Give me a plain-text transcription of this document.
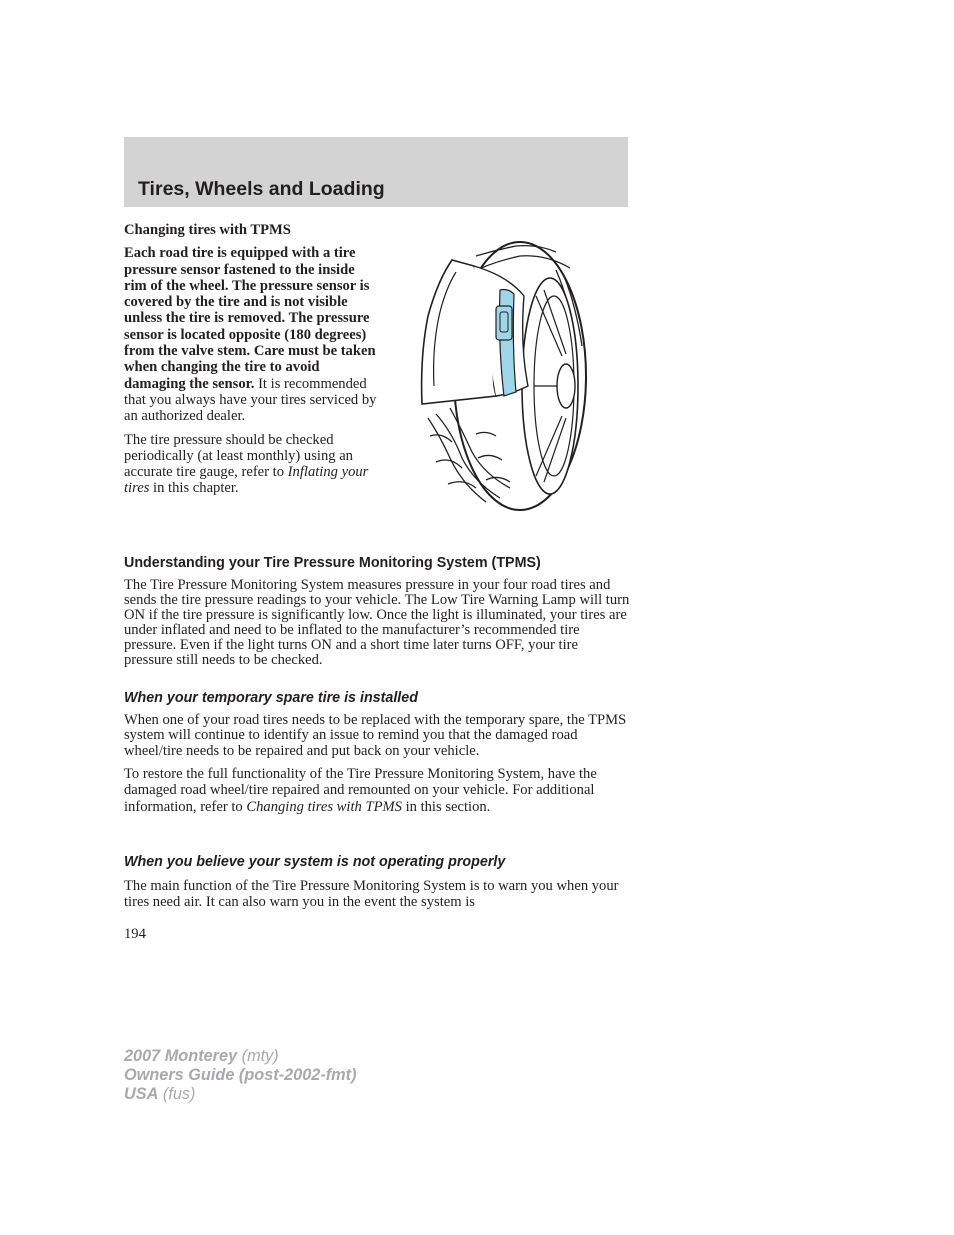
Tires, Wheels and Loading

Changing tires with TPMS

Each road tire is equipped with a tire pressure sensor fastened to the inside rim of the wheel. The pressure sensor is covered by the tire and is not visible unless the tire is removed. The pressure sensor is located opposite (180 degrees) from the valve stem. Care must be taken when changing the tire to avoid damaging the sensor. It is recommended that you always have your tires serviced by an authorized dealer.

The tire pressure should be checked periodically (at least monthly) using an accurate tire gauge, refer to Inflating your tires in this chapter.

Understanding your Tire Pressure Monitoring System (TPMS)

The Tire Pressure Monitoring System measures pressure in your four road tires and sends the tire pressure readings to your vehicle. The Low Tire Warning Lamp will turn ON if the tire pressure is significantly low. Once the light is illuminated, your tires are under inflated and need to be inflated to the manufacturer’s recommended tire pressure. Even if the light turns ON and a short time later turns OFF, your tire pressure still needs to be checked.

When your temporary spare tire is installed

When one of your road tires needs to be replaced with the temporary spare, the TPMS system will continue to identify an issue to remind you that the damaged road wheel/tire needs to be repaired and put back on your vehicle.

To restore the full functionality of the Tire Pressure Monitoring System, have the damaged road wheel/tire repaired and remounted on your vehicle. For additional information, refer to Changing tires with TPMS in this section.

When you believe your system is not operating properly

The main function of the Tire Pressure Monitoring System is to warn you when your tires need air. It can also warn you in the event the system is

194
2007 Monterey (mty)
Owners Guide (post-2002-fmt)
USA (fus)
